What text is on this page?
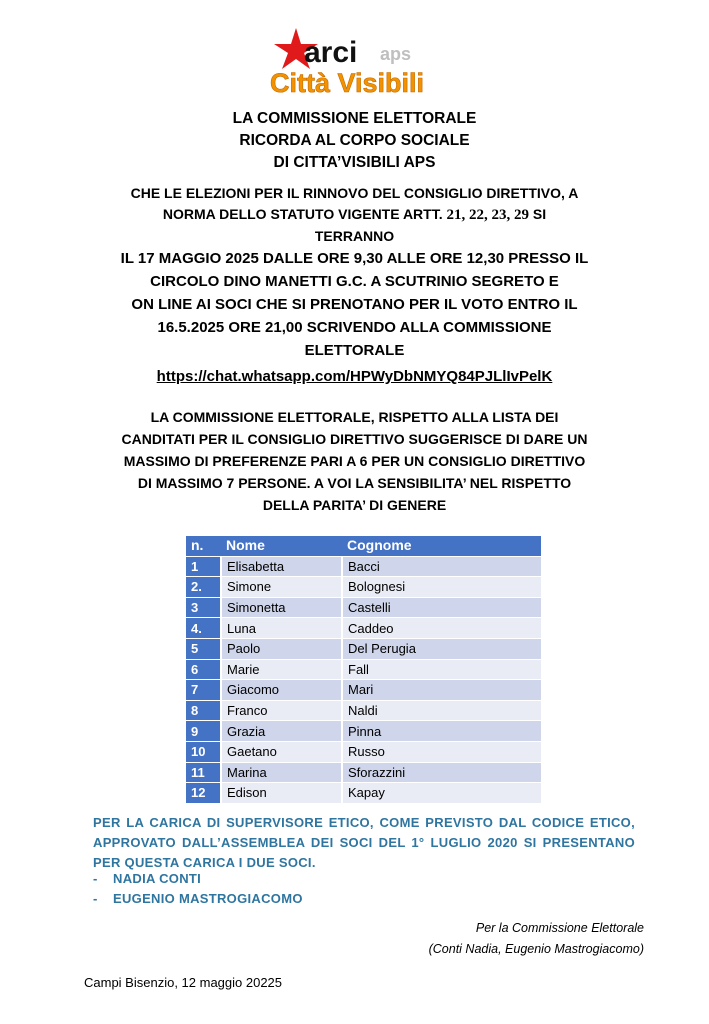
arci aps
Città Visibili
LA COMMISSIONE ELETTORALE
RICORDA AL CORPO SOCIALE
DI CITTA’VISIBILI APS
CHE LE ELEZIONI PER IL RINNOVO DEL CONSIGLIO DIRETTIVO, A
NORMA DELLO STATUTO VIGENTE ARTT. 21, 22, 23, 29 SI
TERRANNO
IL 17 MAGGIO 2025 DALLE ORE 9,30 ALLE ORE 12,30 PRESSO IL
CIRCOLO DINO MANETTI G.C. A SCUTRINIO SEGRETO E
ON LINE AI SOCI CHE SI PRENOTANO PER IL VOTO ENTRO IL
16.5.2025 ORE 21,00 SCRIVENDO ALLA COMMISSIONE
ELETTORALE
https://chat.whatsapp.com/HPWyDbNMYQ84PJLlIvPelK
LA COMMISSIONE ELETTORALE, RISPETTO ALLA LISTA DEI
CANDITATI PER IL CONSIGLIO DIRETTIVO SUGGERISCE DI DARE UN
MASSIMO DI PREFERENZE PARI A 6 PER UN CONSIGLIO DIRETTIVO
DI MASSIMO 7 PERSONE. A VOI LA SENSIBILITA’ NEL RISPETTO
DELLA PARITA’ DI GENERE
n.	Nome	Cognome
1	Elisabetta	Bacci
2.	Simone	Bolognesi
3	Simonetta	Castelli
4.	Luna	Caddeo
5	Paolo	Del Perugia
6	Marie	Fall
7	Giacomo	Mari
8	Franco	Naldi
9	Grazia	Pinna
10	Gaetano	Russo
11	Marina	Sforazzini
12	Edison	Kapay
PER LA CARICA DI SUPERVISORE ETICO, COME PREVISTO DAL CODICE ETICO, APPROVATO DALL’ASSEMBLEA DEI SOCI DEL 1° LUGLIO 2020 SI PRESENTANO PER QUESTA CARICA I DUE SOCI.
- NADIA CONTI
- EUGENIO MASTROGIACOMO
Per la Commissione Elettorale
(Conti Nadia, Eugenio Mastrogiacomo)
Campi Bisenzio, 12 maggio 20225
